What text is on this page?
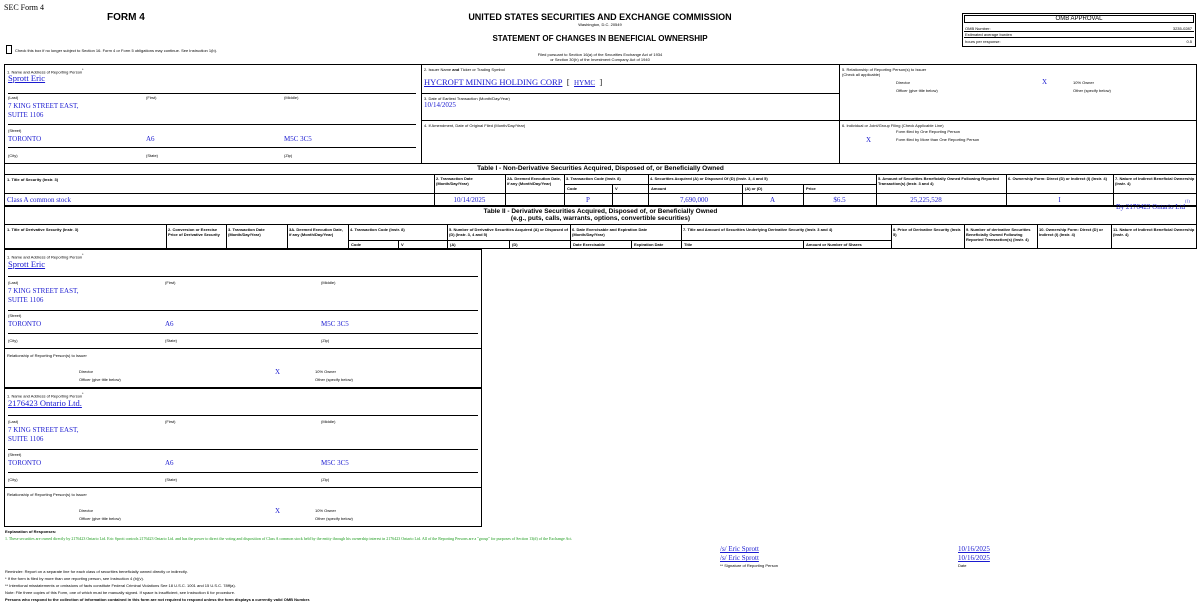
SEC Form 4
FORM 4	UNITED STATES SECURITIES AND EXCHANGE COMMISSION
Washington, D.C. 20549
STATEMENT OF CHANGES IN BENEFICIAL OWNERSHIP
Filed pursuant to Section 16(a) of the Securities Exchange Act of 1934
or Section 30(h) of the Investment Company Act of 1940
Check this box if no longer subject to Section 16. Form 4 or Form 5 obligations may continue. See Instruction 1(b).
OMB APPROVAL
OMB Number:	3235-0287
Estimated average burden
hours per response:	0.5
1. Name and Address of Reporting Person*
Sprott Eric
(Last)	(First)	(Middle)
7 KING STREET EAST,
SUITE 1106
(Street)
TORONTO	A6	M5C 3C5
(City)	(State)	(Zip)
2. Issuer Name and Ticker or Trading Symbol
HYCROFT MINING HOLDING CORP [ HYMC ]
3. Date of Earliest Transaction (Month/Day/Year)
10/14/2025
4. If Amendment, Date of Original Filed (Month/Day/Year)
5. Relationship of Reporting Person(s) to Issuer
(Check all applicable)
Director	X	10% Owner
Officer (give title below)	Other (specify below)
6. Individual or Joint/Group Filing (Check Applicable Line)
Form filed by One Reporting Person
X	Form filed by More than One Reporting Person
Table I - Non-Derivative Securities Acquired, Disposed of, or Beneficially Owned
1. Title of Security (Instr. 3)	2. Transaction Date (Month/Day/Year)
2A. Deemed Execution Date, if any (Month/Day/Year)
3. Transaction Code (Instr. 8)	4. Securities Acquired (A) or Disposed Of (D) (Instr. 3, 4 and 5)	5. Amount of Securities Beneficially Owned Following Reported Transaction(s) (Instr. 3 and 4)
6. Ownership Form: Direct (D) or Indirect (I) (Instr. 4)	7. Nature of Indirect Beneficial Ownership (Instr. 4)
Code	V	Amount	(A) or (D)	Price
Class A common stock	10/14/2025	P	7,690,000	A	$6.5	25,225,528	I
By 2176423 Ontario Ltd$^{(1)}$
Table II - Derivative Securities Acquired, Disposed of, or Beneficially Owned
(e.g., puts, calls, warrants, options, convertible securities)
1. Title of Derivative Security (Instr. 3)	2. Conversion or Exercise Price of Derivative Security
3. Transaction Date (Month/Day/Year)
3A. Deemed Execution Date, if any (Month/Day/Year)
4. Transaction Code (Instr. 8)	5. Number of Derivative Securities Acquired (A) or Disposed of (D) (Instr. 3, 4 and 5)
6. Date Exercisable and Expiration Date (Month/Day/Year)
7. Title and Amount of Securities Underlying Derivative Security (Instr. 3 and 4)	8. Price of Derivative Security (Instr. 5)
9. Number of derivative Securities Beneficially Owned Following Reported Transaction(s) (Instr. 4)
10. Ownership Form: Direct (D) or Indirect (I) (Instr. 4)
11. Nature of Indirect Beneficial Ownership (Instr. 4)
Code	V	(A)	(D)	Date Exercisable	Expiration Date	Title	Amount or Number of Shares
1. Name and Address of Reporting Person*
Sprott Eric
(Last)	(First)	(Middle)
7 KING STREET EAST,
SUITE 1106
(Street)
TORONTO	A6	M5C 3C5
(City)	(State)	(Zip)
Relationship of Reporting Person(s) to Issuer
Director	X	10% Owner
Officer (give title below)	Other (specify below)
1. Name and Address of Reporting Person*
2176423 Ontario Ltd.
(Last)	(First)	(Middle)
7 KING STREET EAST,
SUITE 1106
(Street)
TORONTO	A6	M5C 3C5
(City)	(State)	(Zip)
Relationship of Reporting Person(s) to Issuer
Director	X	10% Owner
Officer (give title below)	Other (specify below)
Explanation of Responses:
1. These securities are owned directly by 2176423 Ontario Ltd. Eric Sprott controls 2176423 Ontario Ltd. and has the power to direct the voting and disposition of Class A common stock held by the entity through his ownership interest in 2176423 Ontario Ltd. All of the Reporting Persons are a "group" for purposes of Section 13(d) of the Exchange Act.
/s/ Eric Sprott	10/16/2025
/s/ Eric Sprott	10/16/2025
** Signature of Reporting Person	Date
Reminder: Report on a separate line for each class of securities beneficially owned directly or indirectly.
* If the form is filed by more than one reporting person, see Instruction 4 (b)(v).
** Intentional misstatements or omissions of facts constitute Federal Criminal Violations See 18 U.S.C. 1001 and 15 U.S.C. 78ff(a).
Note: File three copies of this Form, one of which must be manually signed. If space is insufficient, see Instruction 6 for procedure.
Persons who respond to the collection of information contained in this form are not required to respond unless the form displays a currently valid OMB Number.
